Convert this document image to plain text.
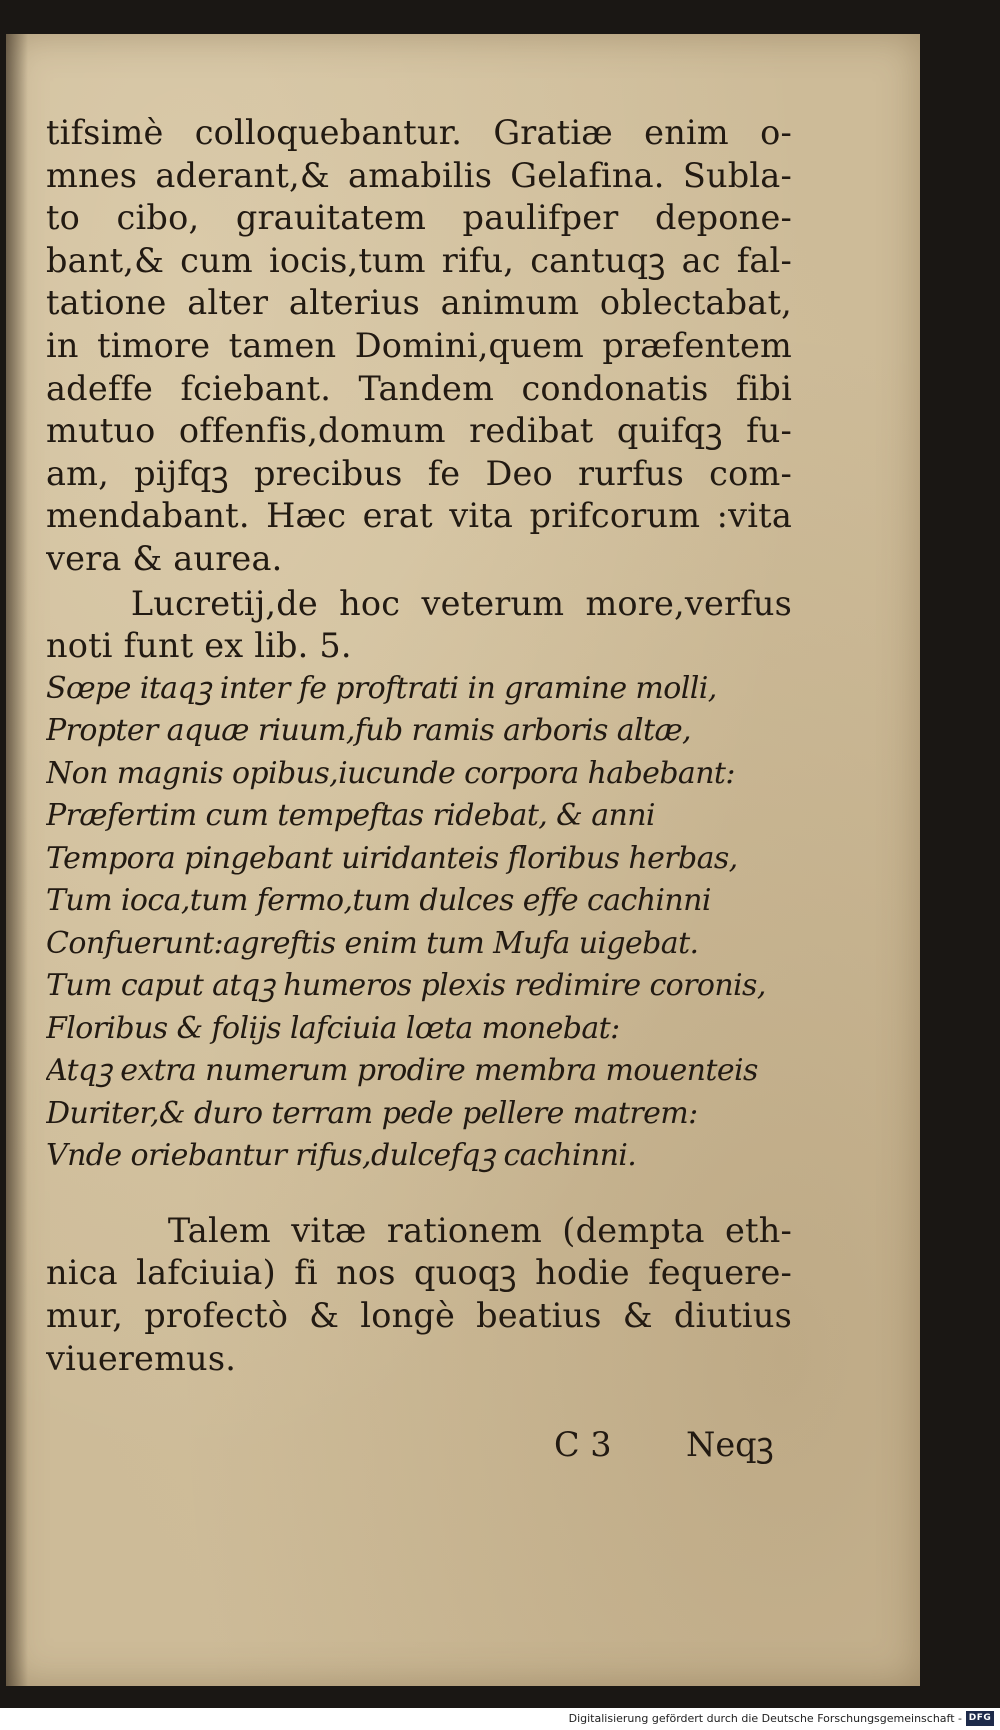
tifsimè colloquebantur. Gratiæ enim o-
mnes aderant,& amabilis Gelafina. Subla-
to cibo, grauitatem paulifper depone-
bant,& cum iocis,tum rifu, cantuqꝫ ac fal-
tatione alter alterius animum oblectabat,
in timore tamen Domini,quem præfentem
adeffe fciebant. Tandem condonatis fibi
mutuo offenfis,domum redibat quifqꝫ fu-
am, pijfqꝫ precibus fe Deo rurfus com-
mendabant. Hæc erat vita prifcorum :vita
vera & aurea.
Lucretij,de hoc veterum more,verfus
noti funt ex lib. 5.
Sœpe itaqꝫ inter fe proftrati in gramine molli,
Propter aquæ riuum,fub ramis arboris altæ,
Non magnis opibus,iucunde corpora habebant:
Præfertim cum tempeftas ridebat, & anni
Tempora pingebant uiridanteis floribus herbas,
Tum ioca,tum fermo,tum dulces effe cachinni
Confuerunt:agreftis enim tum Mufa uigebat.
Tum caput atqꝫ humeros plexis redimire coronis,
Floribus & folijs lafciuia lœta monebat:
Atqꝫ extra numerum prodire membra mouenteis
Duriter,& duro terram pede pellere matrem:
Vnde oriebantur rifus,dulcefqꝫ cachinni.
Talem vitæ rationem (dempta eth-
nica lafciuia) fi nos quoqꝫ hodie fequere-
mur, profectò & longè beatius & diutius
viueremus.
C 3 Neqꝫ
Digitalisierung gefördert durch die Deutsche Forschungsgemeinschaft - DFG
